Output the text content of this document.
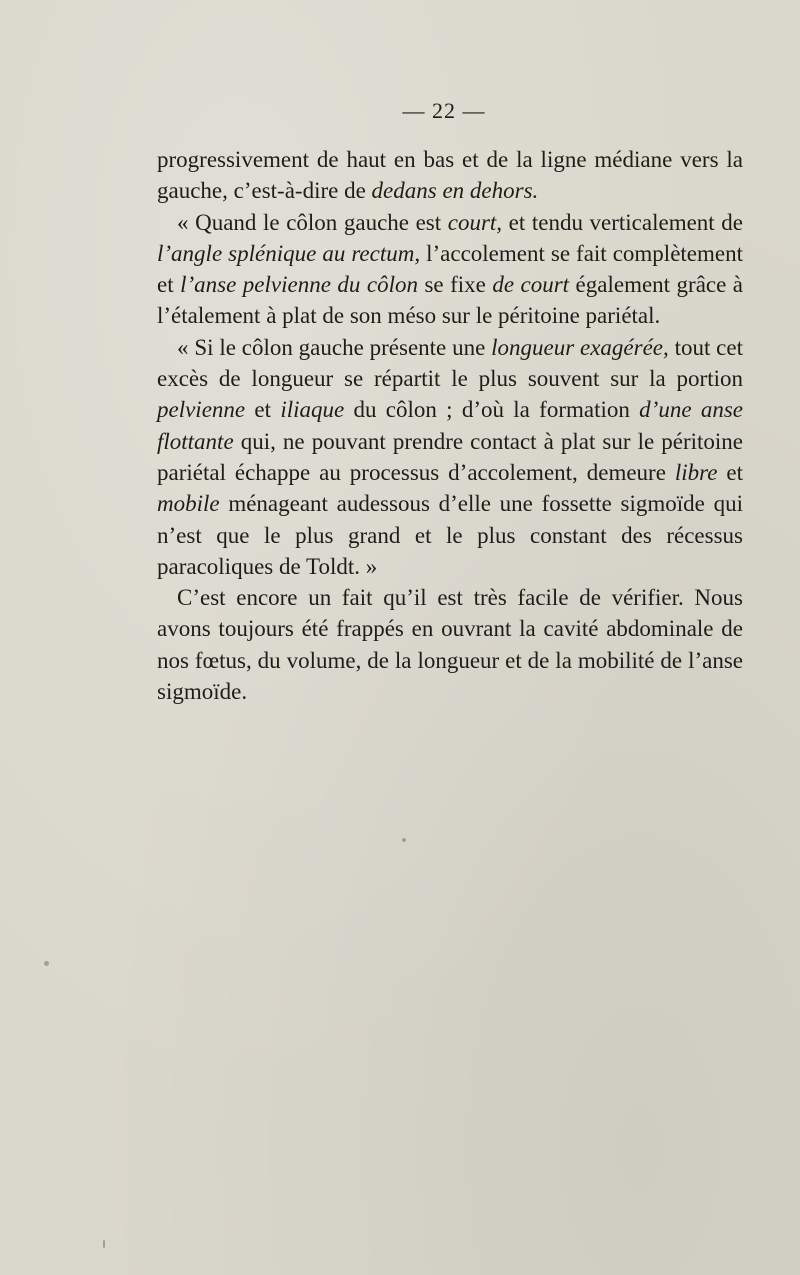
— 22 —

progressivement de haut en bas et de la ligne médiane vers la gauche, c’est-à-dire de dedans en dehors.

« Quand le côlon gauche est court, et tendu verticalement de l’angle splénique au rectum, l’accolement se fait complètement et l’anse pelvienne du côlon se fixe de court également grâce à l’étalement à plat de son méso sur le péritoine pariétal.

« Si le côlon gauche présente une longueur exagérée, tout cet excès de longueur se répartit le plus souvent sur la portion pelvienne et iliaque du côlon ; d’où la formation d’une anse flottante qui, ne pouvant prendre contact à plat sur le péritoine pariétal échappe au processus d’accolement, demeure libre et mobile ménageant audessous d’elle une fossette sigmoïde qui n’est que le plus grand et le plus constant des récessus paracoliques de Toldt. »

C’est encore un fait qu’il est très facile de vérifier. Nous avons toujours été frappés en ouvrant la cavité abdominale de nos fœtus, du volume, de la longueur et de la mobilité de l’anse sigmoïde.
